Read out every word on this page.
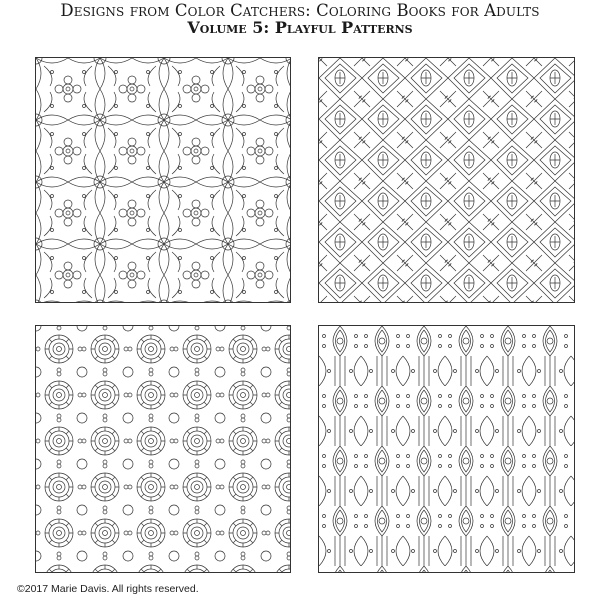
Designs from Color Catchers: Coloring Books for Adults
Volume 5: Playful Patterns
©2017 Marie Davis. All rights reserved.
